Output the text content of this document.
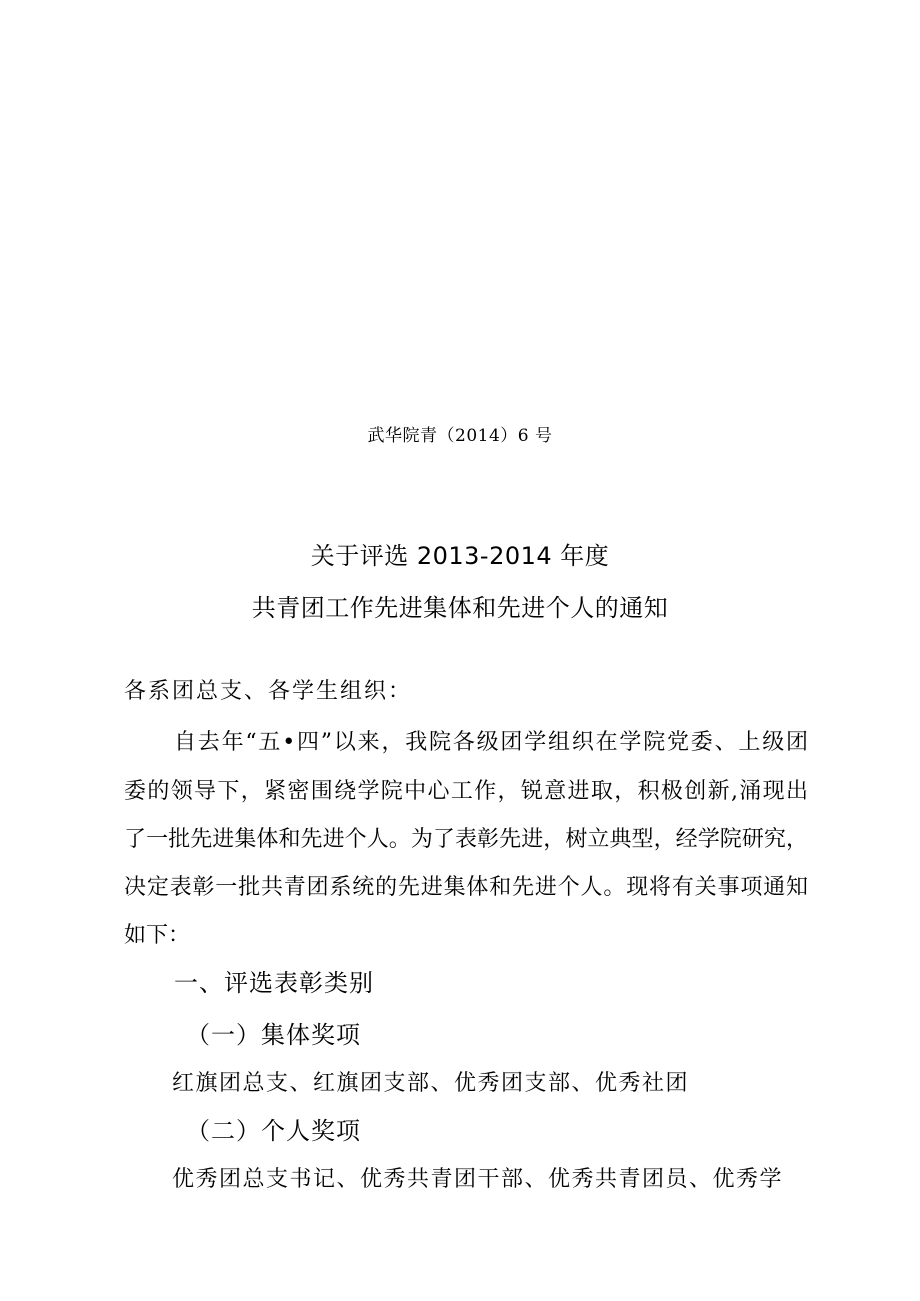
武华院青（2014）6 号
关于评选 2013-2014 年度
共青团工作先进集体和先进个人的通知
各系团总支、各学生组织：
自去年“五•四”以来，我院各级团学组织在学院党委、上级团
委的领导下，紧密围绕学院中心工作，锐意进取，积极创新,涌现出
了一批先进集体和先进个人。为了表彰先进，树立典型，经学院研究，
决定表彰一批共青团系统的先进集体和先进个人。现将有关事项通知
如下：
一、评选表彰类别
（一）集体奖项
红旗团总支、红旗团支部、优秀团支部、优秀社团
（二）个人奖项
优秀团总支书记、优秀共青团干部、优秀共青团员、优秀学
